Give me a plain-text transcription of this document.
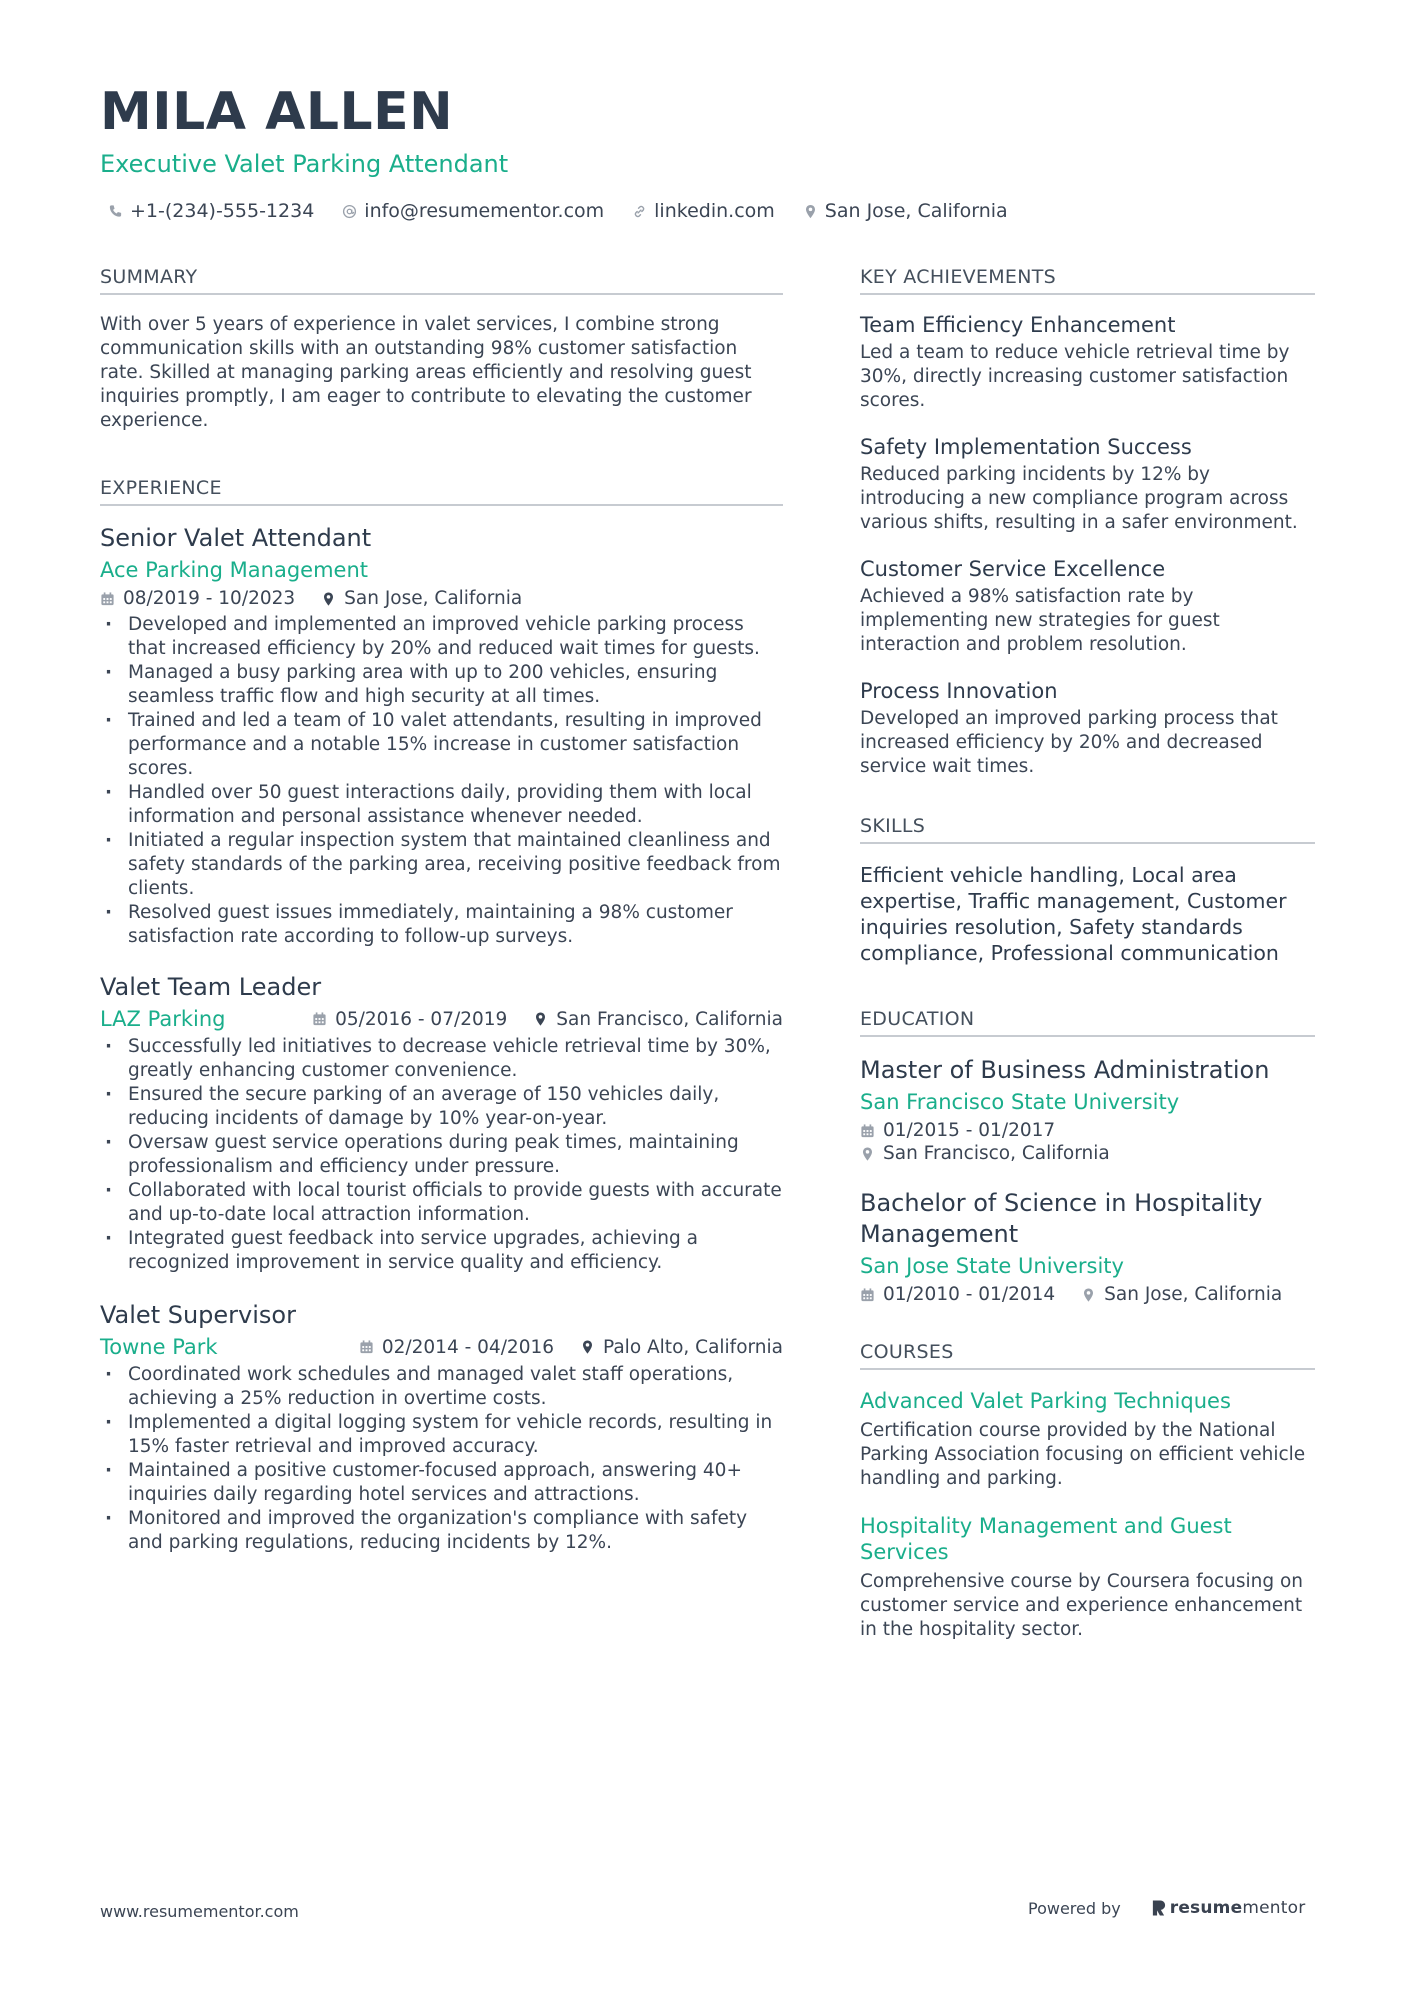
MILA ALLEN
Executive Valet Parking Attendant
+1-(234)-555-1234	info@resumementor.com	linkedin.com	San Jose, California
SUMMARY
With over 5 years of experience in valet services, I combine strong communication skills with an outstanding 98% customer satisfaction rate. Skilled at managing parking areas efficiently and resolving guest inquiries promptly, I am eager to contribute to elevating the customer experience.
EXPERIENCE
Senior Valet Attendant
Ace Parking Management
08/2019 - 10/2023	San Jose, California
· Developed and implemented an improved vehicle parking process that increased efficiency by 20% and reduced wait times for guests.
· Managed a busy parking area with up to 200 vehicles, ensuring seamless traffic flow and high security at all times.
· Trained and led a team of 10 valet attendants, resulting in improved performance and a notable 15% increase in customer satisfaction scores.
· Handled over 50 guest interactions daily, providing them with local information and personal assistance whenever needed.
· Initiated a regular inspection system that maintained cleanliness and safety standards of the parking area, receiving positive feedback from clients.
· Resolved guest issues immediately, maintaining a 98% customer satisfaction rate according to follow-up surveys.
Valet Team Leader
LAZ Parking	05/2016 - 07/2019	San Francisco, California
· Successfully led initiatives to decrease vehicle retrieval time by 30%, greatly enhancing customer convenience.
· Ensured the secure parking of an average of 150 vehicles daily, reducing incidents of damage by 10% year-on-year.
· Oversaw guest service operations during peak times, maintaining professionalism and efficiency under pressure.
· Collaborated with local tourist officials to provide guests with accurate and up-to-date local attraction information.
· Integrated guest feedback into service upgrades, achieving a recognized improvement in service quality and efficiency.
Valet Supervisor
Towne Park	02/2014 - 04/2016	Palo Alto, California
· Coordinated work schedules and managed valet staff operations, achieving a 25% reduction in overtime costs.
· Implemented a digital logging system for vehicle records, resulting in 15% faster retrieval and improved accuracy.
· Maintained a positive customer-focused approach, answering 40+ inquiries daily regarding hotel services and attractions.
· Monitored and improved the organization's compliance with safety and parking regulations, reducing incidents by 12%.
KEY ACHIEVEMENTS
Team Efficiency Enhancement
Led a team to reduce vehicle retrieval time by 30%, directly increasing customer satisfaction scores.
Safety Implementation Success
Reduced parking incidents by 12% by introducing a new compliance program across various shifts, resulting in a safer environment.
Customer Service Excellence
Achieved a 98% satisfaction rate by implementing new strategies for guest interaction and problem resolution.
Process Innovation
Developed an improved parking process that increased efficiency by 20% and decreased service wait times.
SKILLS
Efficient vehicle handling, Local area expertise, Traffic management, Customer inquiries resolution, Safety standards compliance, Professional communication
EDUCATION
Master of Business Administration
San Francisco State University
01/2015 - 01/2017
San Francisco, California
Bachelor of Science in Hospitality Management
San Jose State University
01/2010 - 01/2014	San Jose, California
COURSES
Advanced Valet Parking Techniques
Certification course provided by the National Parking Association focusing on efficient vehicle handling and parking.
Hospitality Management and Guest Services
Comprehensive course by Coursera focusing on customer service and experience enhancement in the hospitality sector.
www.resumementor.com	Powered by	resume mentor
